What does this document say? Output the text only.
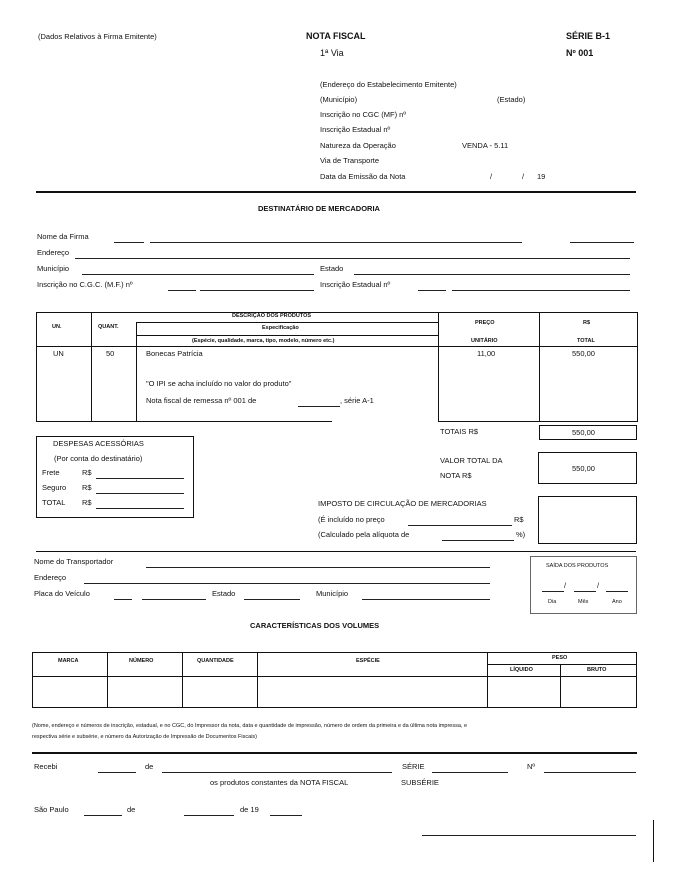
(Dados Relativos à Firma Emitente)	NOTA FISCAL
1ª Via
SÉRIE B-1
Nº 001
(Endereço do Estabelecimento Emitente)
(Município)	(Estado)
Inscrição no CGC (MF) nº
Inscrição Estadual nº
Natureza da Operação	VENDA - 5.11
Via de Transporte
Data da Emissão da Nota	/	/ 19
DESTINATÁRIO DE MERCADORIA
Nome da Firma
Endereço
Município	Estado
Inscrição no C.G.C. (M.F.) nº	Inscrição Estadual nº
UN.	QUANT.
DESCRIÇÃO DOS PRODUTOS
Especificação
(Espécie, qualidade, marca, tipo, modelo, número etc.)
PREÇO
UNITÁRIO
R$
TOTAL
UN	50	Bonecas Patrícia	11,00	550,00
"O IPI se acha incluído no valor do produto"
Nota fiscal de remessa nº 001 de	, série A-1
TOTAIS R$	550,00
DESPESAS ACESSÓRIAS
(Por conta do destinatário)
Frete	R$
Seguro R$
TOTAL R$
VALOR TOTAL DA
NOTA R$
550,00
IMPOSTO DE CIRCULAÇÃO DE MERCADORIAS
(É incluído no preço	R$
(Calculado pela alíquota de	%)
Nome do Transportador
Endereço
Placa do Veículo	Estado	Município
SAÍDA DOS PRODUTOS
/	/
Dia	Mês	Ano
CARACTERÍSTICAS DOS VOLUMES
MARCA	NÚMERO	QUANTIDADE	ESPÉCIE	PESO
LÍQUIDO	BRUTO
(Nome, endereço e números de inscrição, estadual, e no CGC, do Impressor da nota, data e quantidade de impressão, número de ordem da primeira e da última nota impressa, e
respectiva série e subsérie, e número da Autorização de Impressão de Documentos Fiscais)
Recebi	de	SÉRIE	Nº
os produtos constantes da NOTA FISCAL	SUBSÉRIE
São Paulo	de	de 19
